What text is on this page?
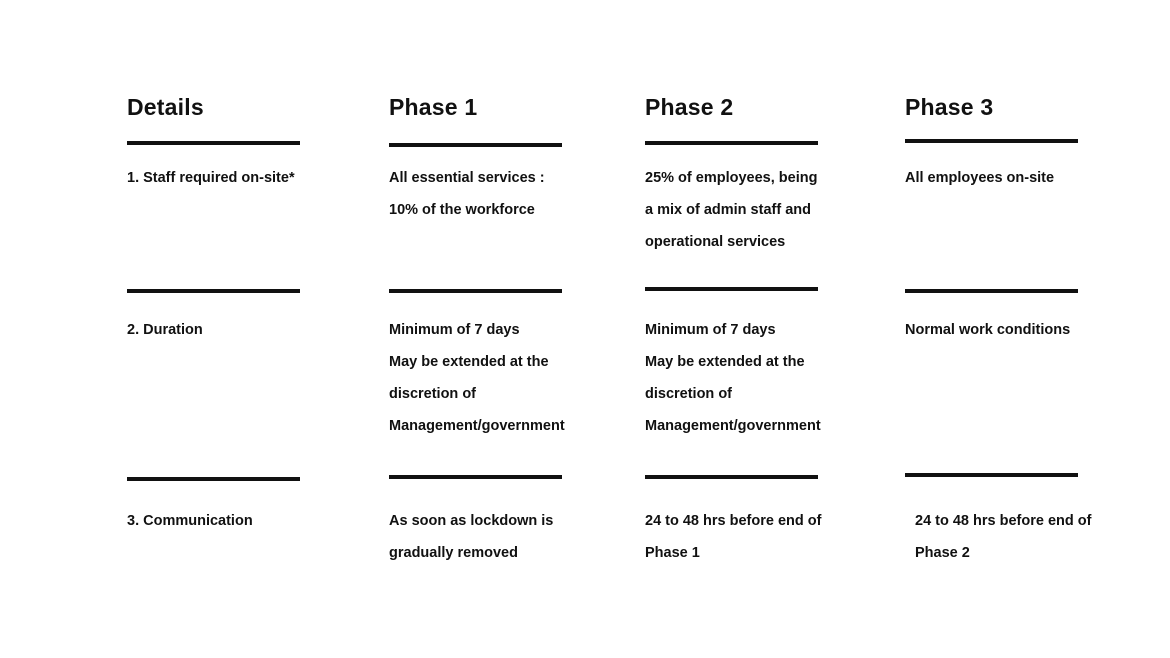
Details
1. Staff required on-site*
2. Duration
3. Communication
Phase 1
All essential services :
10% of the workforce
Minimum of 7 days
May be extended at the
discretion of
Management/government
As soon as lockdown is
gradually removed
Phase 2
25% of employees, being
a mix of admin staff and
operational services
Minimum of 7 days
May be extended at the
discretion of
Management/government
24 to 48 hrs before end of
Phase 1
Phase 3
All employees on-site
Normal work conditions
24 to 48 hrs before end of
Phase 2
